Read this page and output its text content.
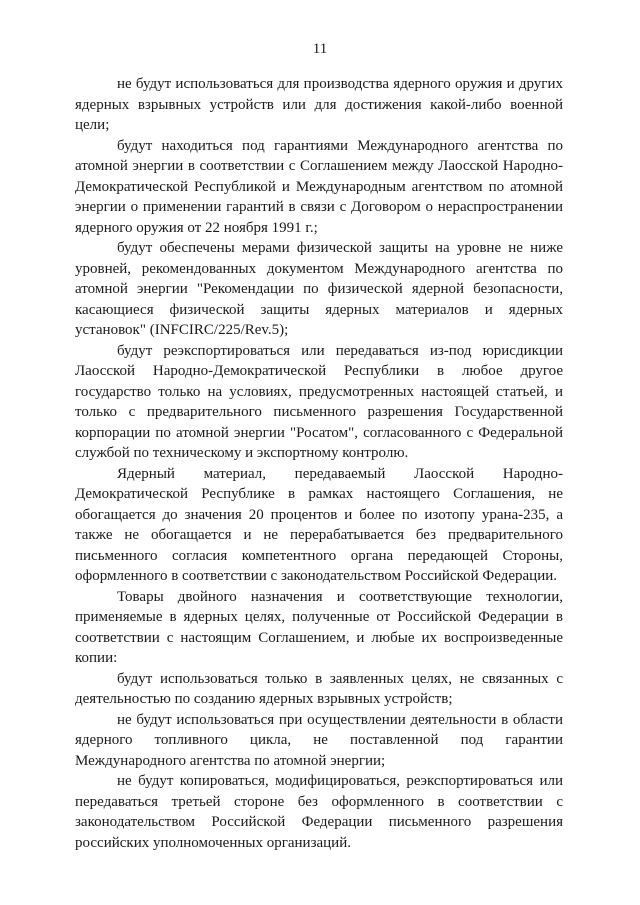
11

не будут использоваться для производства ядерного оружия и других ядерных взрывных устройств или для достижения какой-либо военной цели;

будут находиться под гарантиями Международного агентства по атомной энергии в соответствии с Соглашением между Лаосской Народно-Демократической Республикой и Международным агентством по атомной энергии о применении гарантий в связи с Договором о нераспространении ядерного оружия от 22 ноября 1991 г.;

будут обеспечены мерами физической защиты на уровне не ниже уровней, рекомендованных документом Международного агентства по атомной энергии "Рекомендации по физической ядерной безопасности, касающиеся физической защиты ядерных материалов и ядерных установок" (INFCIRC/225/Rev.5);

будут реэкспортироваться или передаваться из-под юрисдикции Лаосской Народно-Демократической Республики в любое другое государство только на условиях, предусмотренных настоящей статьей, и только с предварительного письменного разрешения Государственной корпорации по атомной энергии "Росатом", согласованного с Федеральной службой по техническому и экспортному контролю.

Ядерный материал, передаваемый Лаосской Народно-Демократической Республике в рамках настоящего Соглашения, не обогащается до значения 20 процентов и более по изотопу урана-235, а также не обогащается и не перерабатывается без предварительного письменного согласия компетентного органа передающей Стороны, оформленного в соответствии с законодательством Российской Федерации.

Товары двойного назначения и соответствующие технологии, применяемые в ядерных целях, полученные от Российской Федерации в соответствии с настоящим Соглашением, и любые их воспроизведенные копии:

будут использоваться только в заявленных целях, не связанных с деятельностью по созданию ядерных взрывных устройств;

не будут использоваться при осуществлении деятельности в области ядерного топливного цикла, не поставленной под гарантии Международного агентства по атомной энергии;

не будут копироваться, модифицироваться, реэкспортироваться или передаваться третьей стороне без оформленного в соответствии с законодательством Российской Федерации письменного разрешения российских уполномоченных организаций.
